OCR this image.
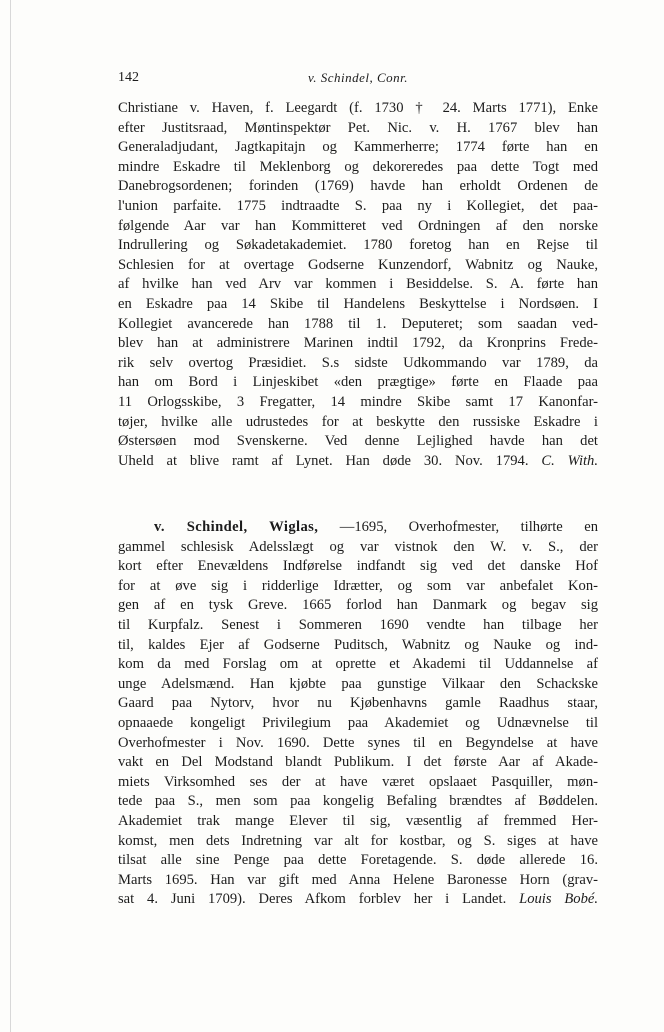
142	v. Schindel, Conr.
Christiane v. Haven, f. Leegardt (f. 1730 † 24. Marts 1771), Enke
efter Justitsraad, Møntinspektør Pet. Nic. v. H. 1767 blev han
Generaladjudant, Jagtkapitajn og Kammerherre; 1774 førte han en
mindre Eskadre til Meklenborg og dekoreredes paa dette Togt med
Danebrogsordenen; forinden (1769) havde han erholdt Ordenen de
l'union parfaite. 1775 indtraadte S. paa ny i Kollegiet, det paa-
følgende Aar var han Kommitteret ved Ordningen af den norske
Indrullering og Søkadetakademiet. 1780 foretog han en Rejse til
Schlesien for at overtage Godserne Kunzendorf, Wabnitz og Nauke,
af hvilke han ved Arv var kommen i Besiddelse. S. A. førte han
en Eskadre paa 14 Skibe til Handelens Beskyttelse i Nordsøen. I
Kollegiet avancerede han 1788 til 1. Deputeret; som saadan ved-
blev han at administrere Marinen indtil 1792, da Kronprins Frede-
rik selv overtog Præsidiet. S.s sidste Udkommando var 1789, da
han om Bord i Linjeskibet «den prægtige» førte en Flaade paa
11 Orlogsskibe, 3 Fregatter, 14 mindre Skibe samt 17 Kanonfar-
tøjer, hvilke alle udrustedes for at beskytte den russiske Eskadre i
Østersøen mod Svenskerne. Ved denne Lejlighed havde han det
Uheld at blive ramt af Lynet. Han døde 30. Nov. 1794. C. With.
v. Schindel, Wiglas, —1695, Overhofmester, tilhørte en
gammel schlesisk Adelsslægt og var vistnok den W. v. S., der
kort efter Enevældens Indførelse indfandt sig ved det danske Hof
for at øve sig i ridderlige Idrætter, og som var anbefalet Kon-
gen af en tysk Greve. 1665 forlod han Danmark og begav sig
til Kurpfalz. Senest i Sommeren 1690 vendte han tilbage her
til, kaldes Ejer af Godserne Puditsch, Wabnitz og Nauke og ind-
kom da med Forslag om at oprette et Akademi til Uddannelse af
unge Adelsmænd. Han kjøbte paa gunstige Vilkaar den Schackske
Gaard paa Nytorv, hvor nu Kjøbenhavns gamle Raadhus staar,
opnaaede kongeligt Privilegium paa Akademiet og Udnævnelse til
Overhofmester i Nov. 1690. Dette synes til en Begyndelse at have
vakt en Del Modstand blandt Publikum. I det første Aar af Akade-
miets Virksomhed ses der at have været opslaaet Pasquiller, møn-
tede paa S., men som paa kongelig Befaling brændtes af Bøddelen.
Akademiet trak mange Elever til sig, væsentlig af fremmed Her-
komst, men dets Indretning var alt for kostbar, og S. siges at have
tilsat alle sine Penge paa dette Foretagende. S. døde allerede 16.
Marts 1695. Han var gift med Anna Helene Baronesse Horn (grav-
sat 4. Juni 1709). Deres Afkom forblev her i Landet. Louis Bobé.
